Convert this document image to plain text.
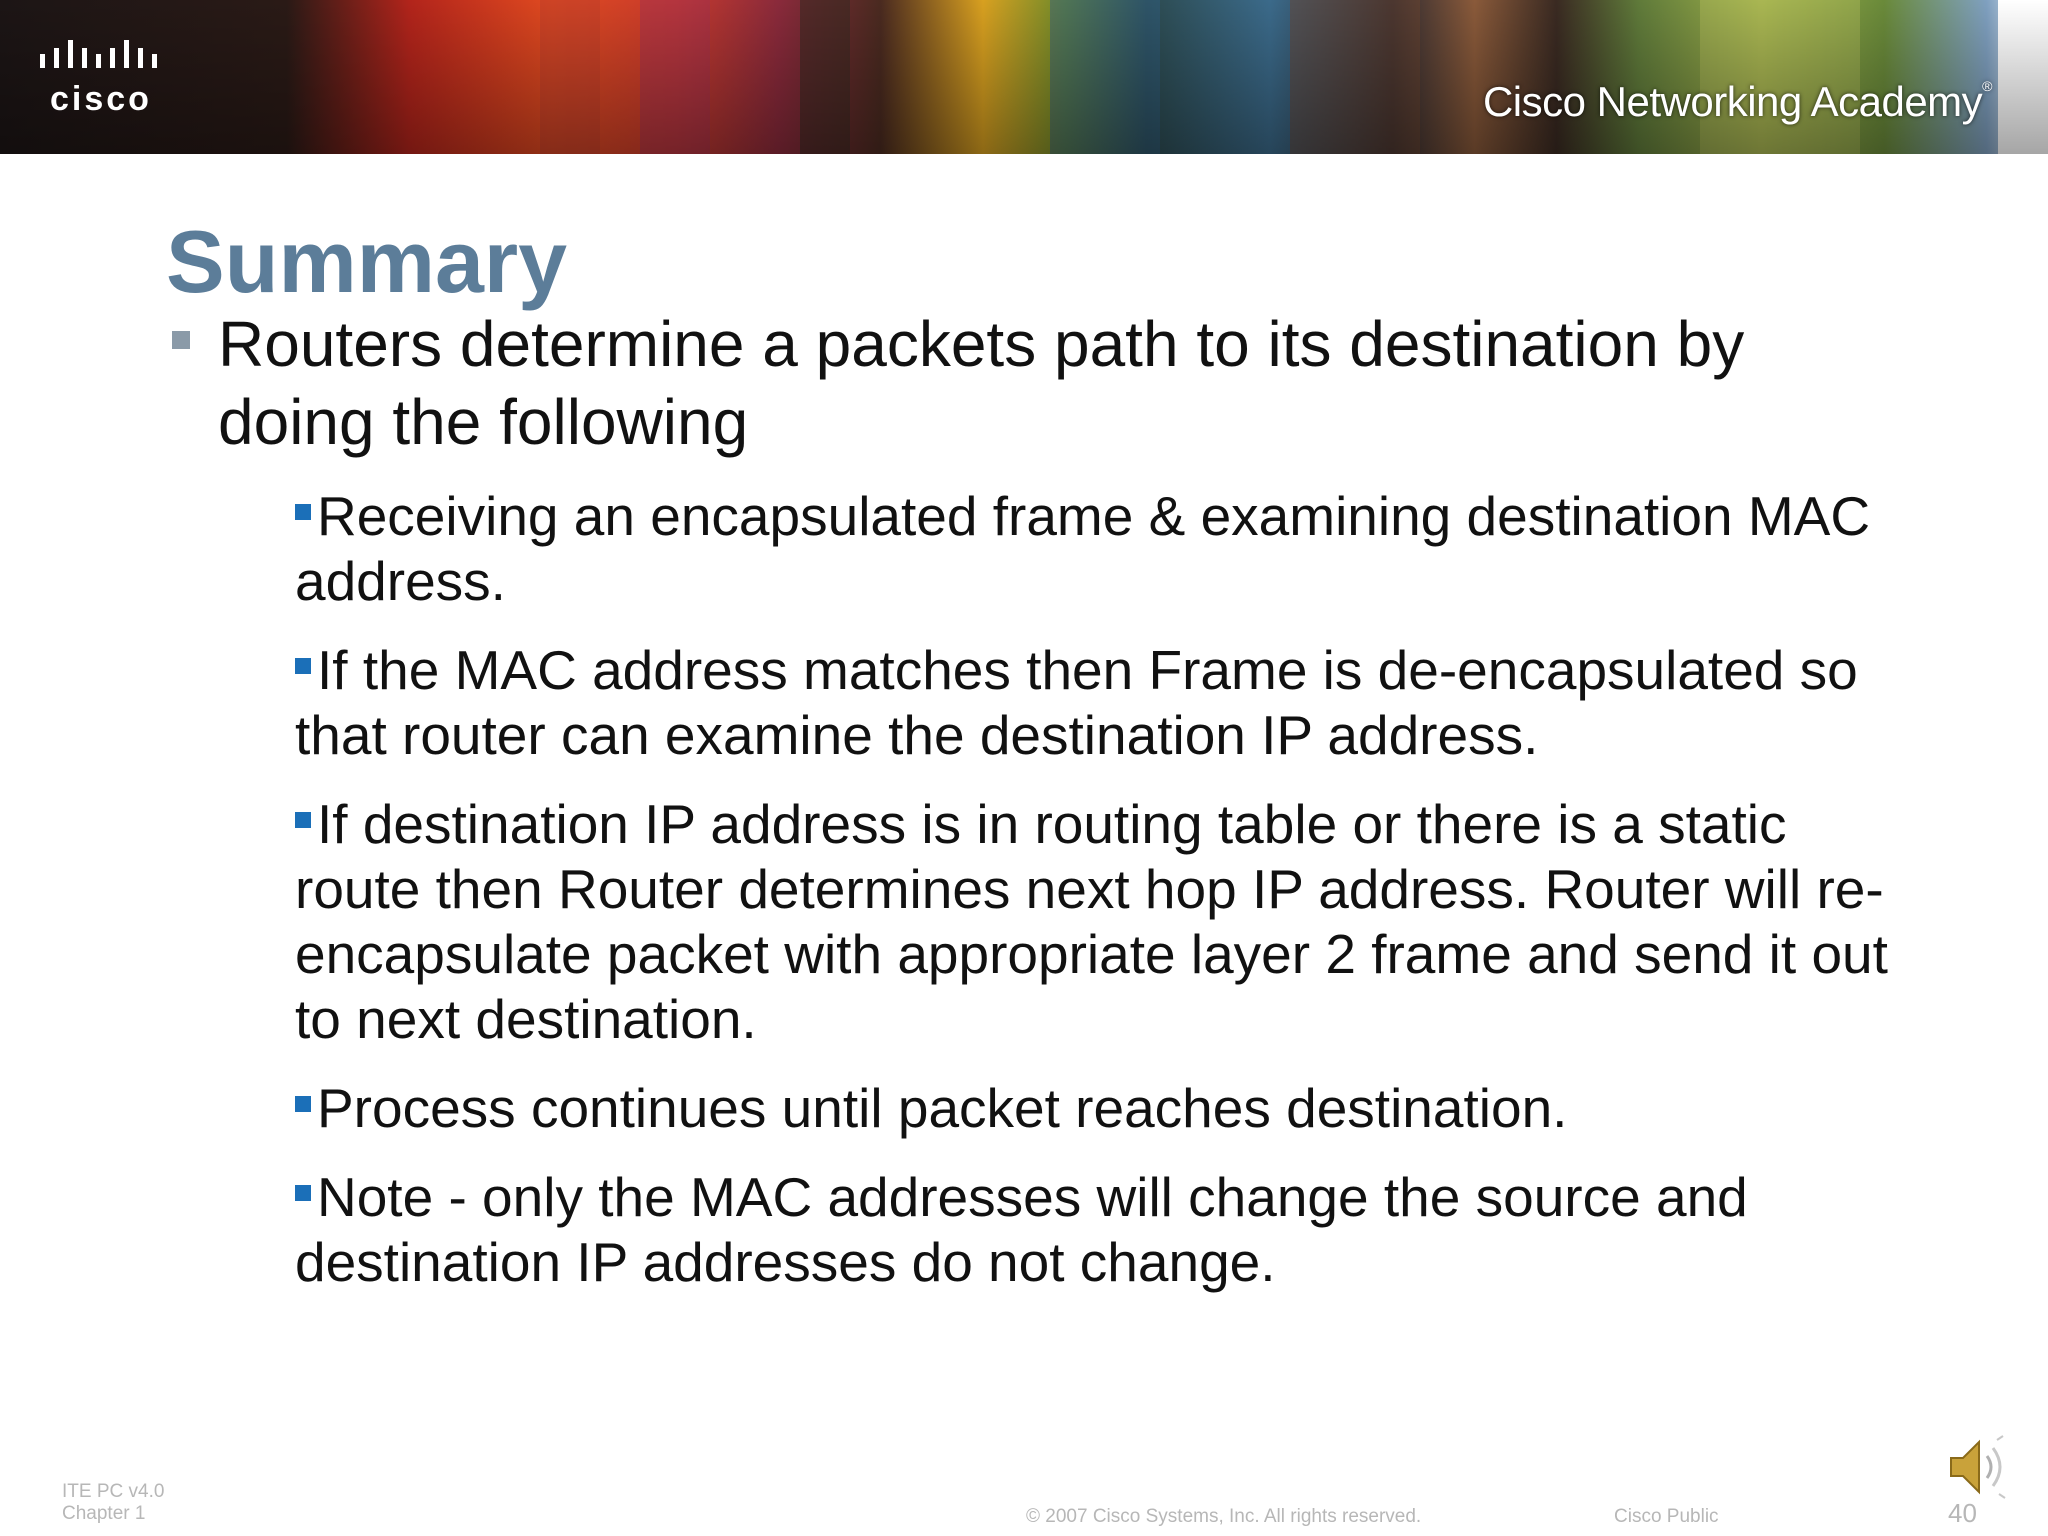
cisco	Cisco Networking Academy®
Summary
Routers determine a packets path to its destination by doing the following
Receiving an encapsulated frame & examining destination MAC address.
If the MAC address matches then Frame is de-encapsulated so that router can examine the destination IP address.
If destination IP address is in routing table or there is a static route then Router determines next hop IP address. Router will re-encapsulate packet with appropriate layer 2 frame and send it out to next destination.
Process continues until packet reaches destination.
Note - only the MAC addresses will change the source and destination IP addresses do not change.
ITE PC v4.0
Chapter 1	© 2007 Cisco Systems, Inc. All rights reserved.	Cisco Public	40
